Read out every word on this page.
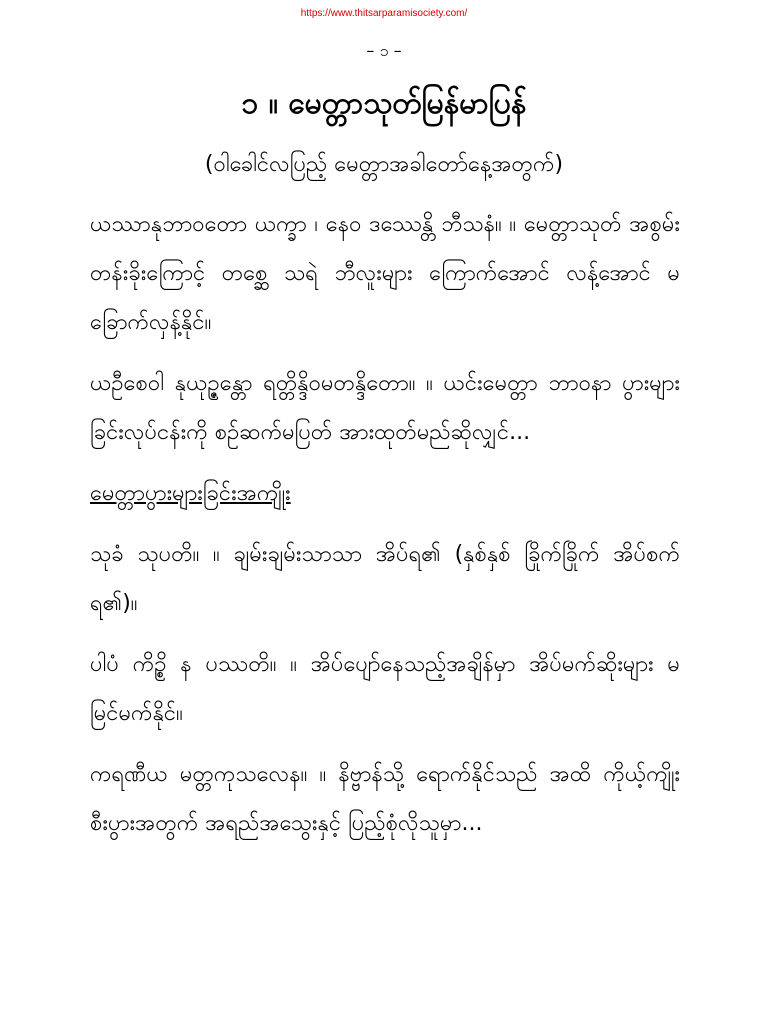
https://www.thitsarparamisociety.com/
– ၁ –
၁ ။ မေတ္တာသုတ်မြန်မာပြန်
(ဝါခေါင်လပြည့် မေတ္တာအခါတော်နေ့အတွက်)

ယဿာနုဘာဝတော ယက္ခာ ၊ နေဝ ဒဿေန္တိ ဘီသနံ။ ။ မေတ္တာသုတ် အစွမ်းတန်းခိုးကြောင့် တစ္ဆေ သရဲ ဘီလူးများ ကြောက်အောင် လန့်အောင် မခြောက်လှန့်နိုင်။

ယဦစေဝါ နုယုဥ္ဇန္တော ရတ္တိန္ဒိဝမတန္ဒိတော။ ။ ယင်းမေတ္တာ ဘာဝနာ ပွားများခြင်းလုပ်ငန်းကို စဉ်ဆက်မပြတ် အားထုတ်မည်ဆိုလျှင်...

မေတ္တာပွားများခြင်းအကျိုး

သုခံ သုပတိ။ ။ ချမ်းချမ်းသာသာ အိပ်ရ၏ (နှစ်နှစ် ခြိုက်ခြိုက် အိပ်စက်ရ၏)။

ပါပံ ကိဉ္စိ န ပဿတိ။ ။ အိပ်ပျော်နေသည့်အချိန်မှာ အိပ်မက်ဆိုးများ မမြင်မက်နိုင်။

ကရဏီယ မတ္တကုသလေန။ ။ နိဗ္ဗာန်သို့ ရောက်နိုင်သည် အထိ ကိုယ့်ကျိုးစီးပွားအတွက် အရည်အသွေးနှင့် ပြည့်စုံလိုသူမှာ...
